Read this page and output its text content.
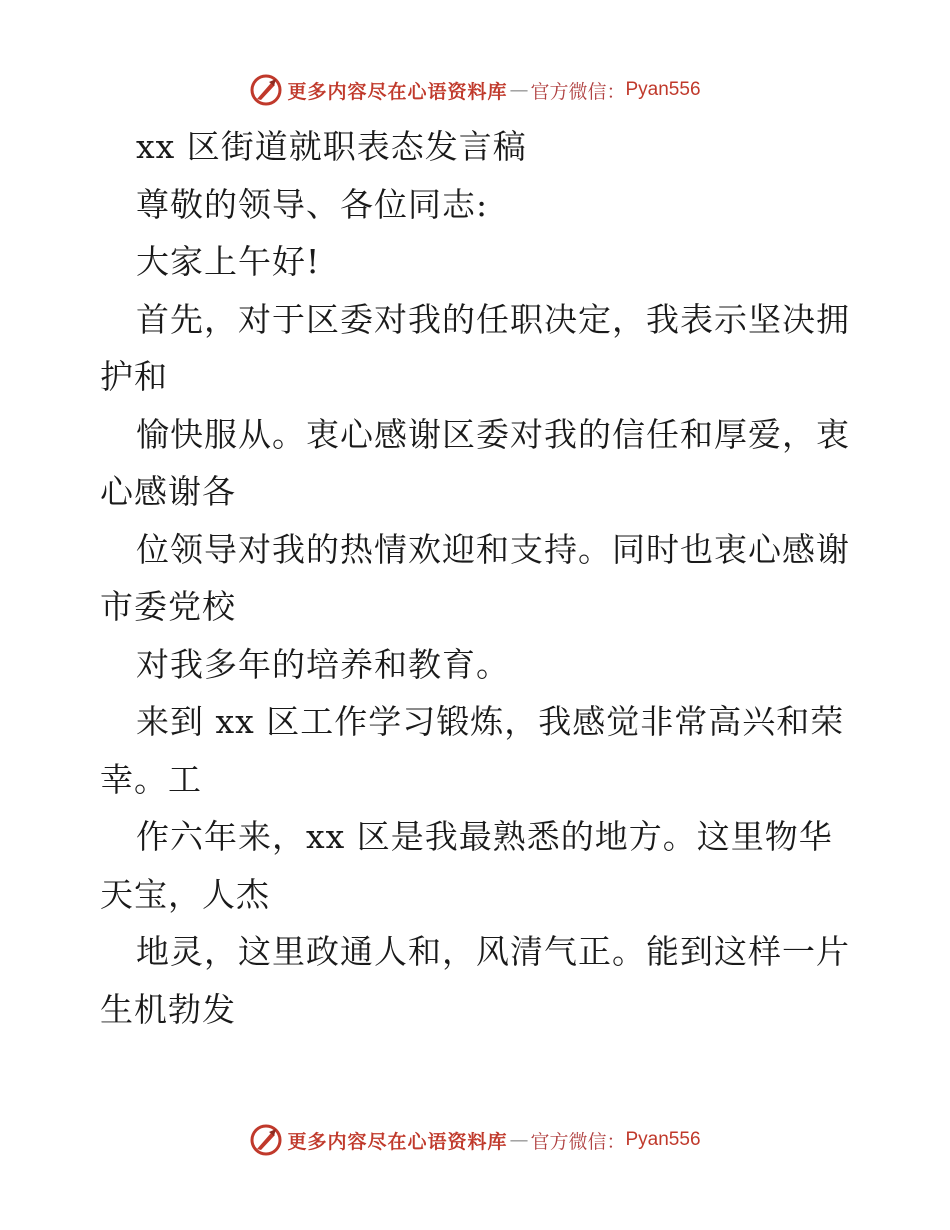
更多内容尽在心语资料库 — 官方微信： Pyan556
xx 区街道就职表态发言稿
尊敬的领导、各位同志:
大家上午好!
首先，对于区委对我的任职决定，我表示坚决拥
护和
愉快服从。衷心感谢区委对我的信任和厚爱，衷
心感谢各
位领导对我的热情欢迎和支持。同时也衷心感谢
市委党校
对我多年的培养和教育。
来到 xx 区工作学习锻炼，我感觉非常高兴和荣
幸。工
作六年来，xx 区是我最熟悉的地方。这里物华
天宝，人杰
地灵，这里政通人和，风清气正。能到这样一片
生机勃发
更多内容尽在心语资料库 — 官方微信： Pyan556
